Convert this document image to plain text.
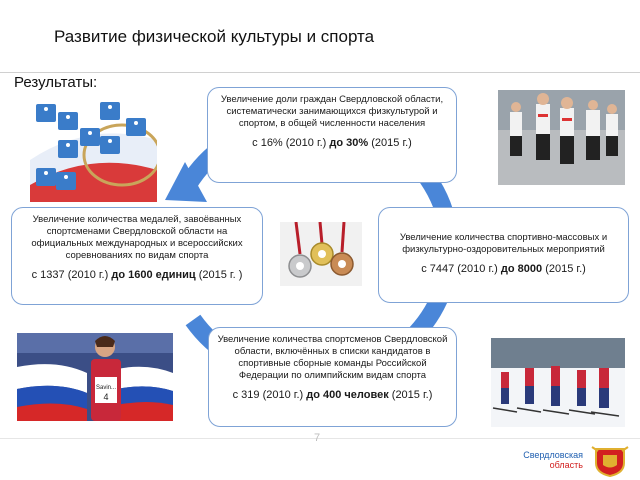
Развитие физической культуры и спорта
Результаты:
Savin...
4
Увеличение доли граждан Свердловской области, систематически занимающихся физкультурой и спортом, в общей численности населения
с 16% (2010 г.) до 30% (2015 г.)
Увеличение количества спортивно-массовых и физкультурно-оздоровительных мероприятий
с 7447 (2010 г.) до 8000 (2015 г.)
Увеличение количества медалей, завоёванных спортсменами Свердловской области на официальных международных и всероссийских соревнованиях по видам спорта
с 1337 (2010 г.) до 1600 единиц (2015 г. )
Увеличение количества спортсменов Свердловской области, включённых в списки кандидатов в спортивные сборные команды Российской Федерации по олимпийским видам спорта
с 319 (2010 г.) до 400 человек (2015 г.)
7
Свердловская
область
